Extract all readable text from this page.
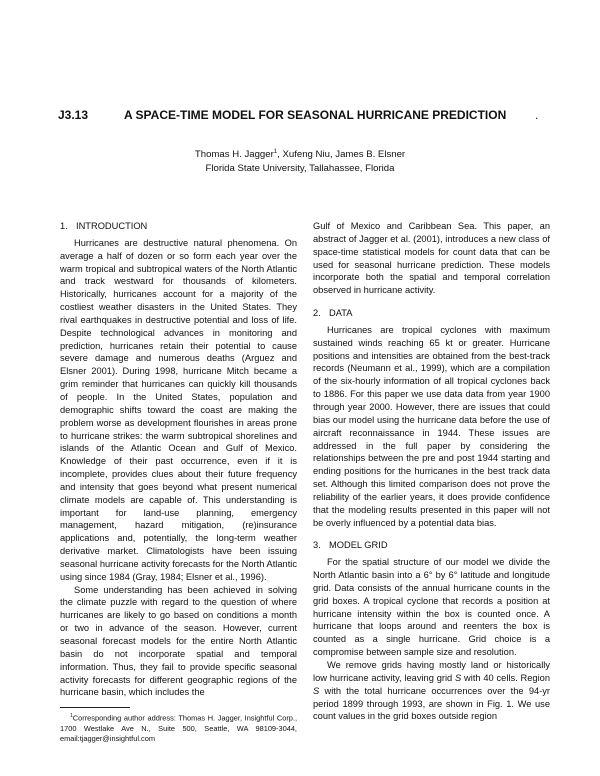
J3.13	A SPACE-TIME MODEL FOR SEASONAL HURRICANE PREDICTION .
Thomas H. Jagger$^1$, Xufeng Niu, James B. Elsner
Florida State University, Tallahassee, Florida
1. INTRODUCTION

Hurricanes are destructive natural phenomena. On average a half of dozen or so form each year over the warm tropical and subtropical waters of the North Atlantic and track westward for thousands of kilometers. Historically, hurricanes account for a majority of the costliest weather disasters in the United States. They rival earthquakes in destructive potential and loss of life. Despite technological advances in monitoring and prediction, hurricanes retain their potential to cause severe damage and numerous deaths (Arguez and Elsner 2001). During 1998, hurricane Mitch became a grim reminder that hurricanes can quickly kill thousands of people. In the United States, population and demographic shifts toward the coast are making the problem worse as development flourishes in areas prone to hurricane strikes: the warm subtropical shorelines and islands of the Atlantic Ocean and Gulf of Mexico. Knowledge of their past occurrence, even if it is incomplete, provides clues about their future frequency and intensity that goes beyond what present numerical climate models are capable of. This understanding is important for land-use planning, emergency management, hazard mitigation, (re)insurance applications and, potentially, the long-term weather derivative market. Climatologists have been issuing seasonal hurricane activity forecasts for the North Atlantic using since 1984 (Gray, 1984; Elsner et al., 1996).

Some understanding has been achieved in solving the climate puzzle with regard to the question of where hurricanes are likely to go based on conditions a month or two in advance of the season. However, current seasonal forecast models for the entire North Atlantic basin do not incorporate spatial and temporal information. Thus, they fail to provide specific seasonal activity forecasts for different geographic regions of the hurricane basin, which includes the

$^1$Corresponding author address: Thomas H. Jagger, Insightful Corp., 1700 Westlake Ave N., Suite 500, Seattle, WA 98109-3044, email:tjagger@insightful.com

Gulf of Mexico and Caribbean Sea. This paper, an abstract of Jagger et al. (2001), introduces a new class of space-time statistical models for count data that can be used for seasonal hurricane prediction. These models incorporate both the spatial and temporal correlation observed in hurricane activity.

2. DATA

Hurricanes are tropical cyclones with maximum sustained winds reaching 65 kt or greater. Hurricane positions and intensities are obtained from the best-track records (Neumann et al., 1999), which are a compilation of the six-hourly information of all tropical cyclones back to 1886. For this paper we use data data from year 1900 through year 2000. However, there are issues that could bias our model using the hurricane data before the use of aircraft reconnaissance in 1944. These issues are addressed in the full paper by considering the relationships between the pre and post 1944 starting and ending positions for the hurricanes in the best track data set. Although this limited comparison does not prove the reliability of the earlier years, it does provide confidence that the modeling results presented in this paper will not be overly influenced by a potential data bias.

3. MODEL GRID

For the spatial structure of our model we divide the North Atlantic basin into a 6° by 6° latitude and longitude grid. Data consists of the annual hurricane counts in the grid boxes. A tropical cyclone that records a position at hurricane intensity within the box is counted once. A hurricane that loops around and reenters the box is counted as a single hurricane. Grid choice is a compromise between sample size and resolution.

We remove grids having mostly land or historically low hurricane activity, leaving grid S with 40 cells. Region S with the total hurricane occurrences over the 94-yr period 1899 through 1993, are shown in Fig. 1. We use count values in the grid boxes outside region
